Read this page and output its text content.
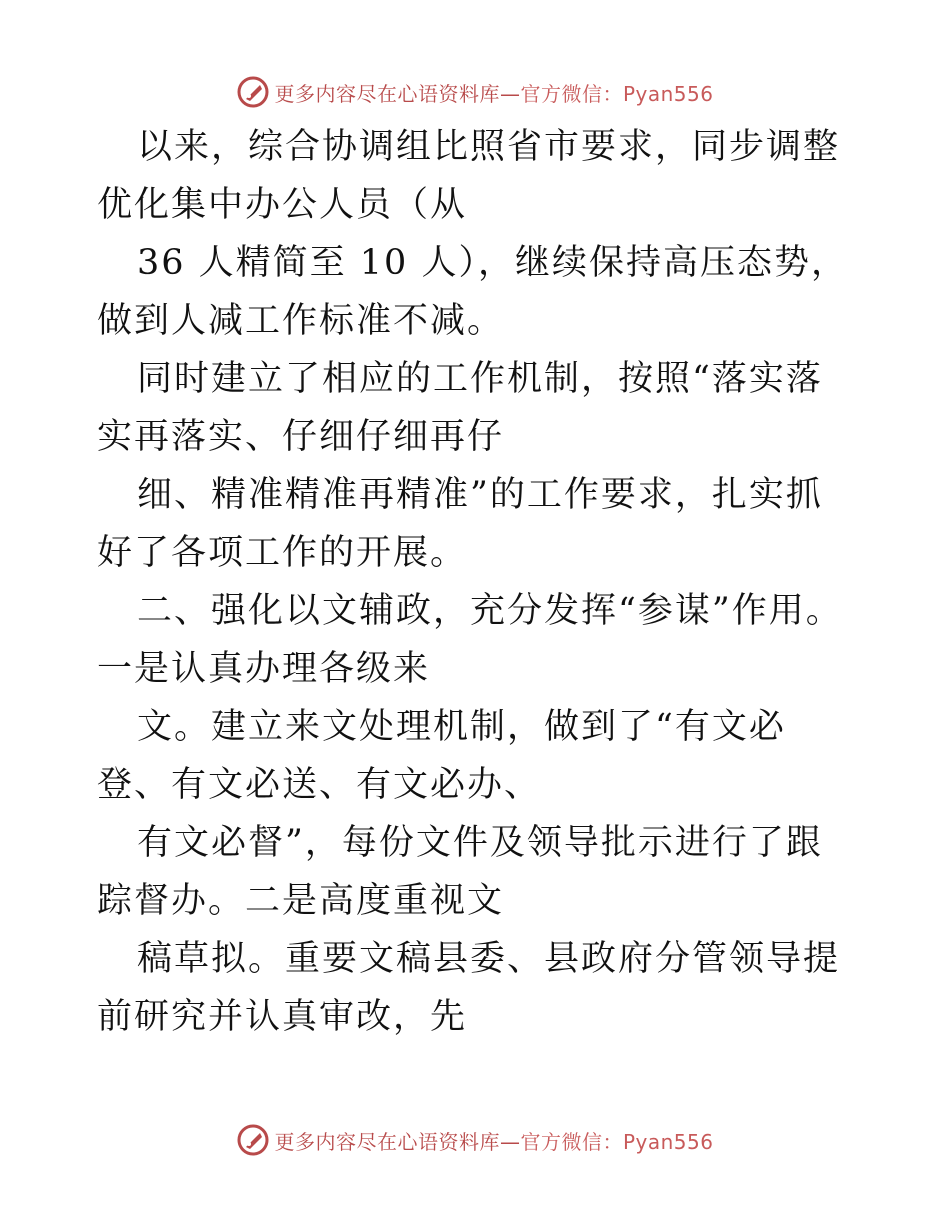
更多内容尽在心语资料库—官方微信：Pyan556

以来，综合协调组比照省市要求，同步调整优化集中办公人员（从

36 人精简至 10 人），继续保持高压态势，做到人减工作标准不减。

同时建立了相应的工作机制，按照“落实落实再落实、仔细仔细再仔

细、精准精准再精准”的工作要求，扎实抓好了各项工作的开展。

二、强化以文辅政，充分发挥“参谋”作用。一是认真办理各级来

文。建立来文处理机制，做到了“有文必登、有文必送、有文必办、

有文必督”，每份文件及领导批示进行了跟踪督办。二是高度重视文

稿草拟。重要文稿县委、县政府分管领导提前研究并认真审改，先

更多内容尽在心语资料库—官方微信：Pyan556
